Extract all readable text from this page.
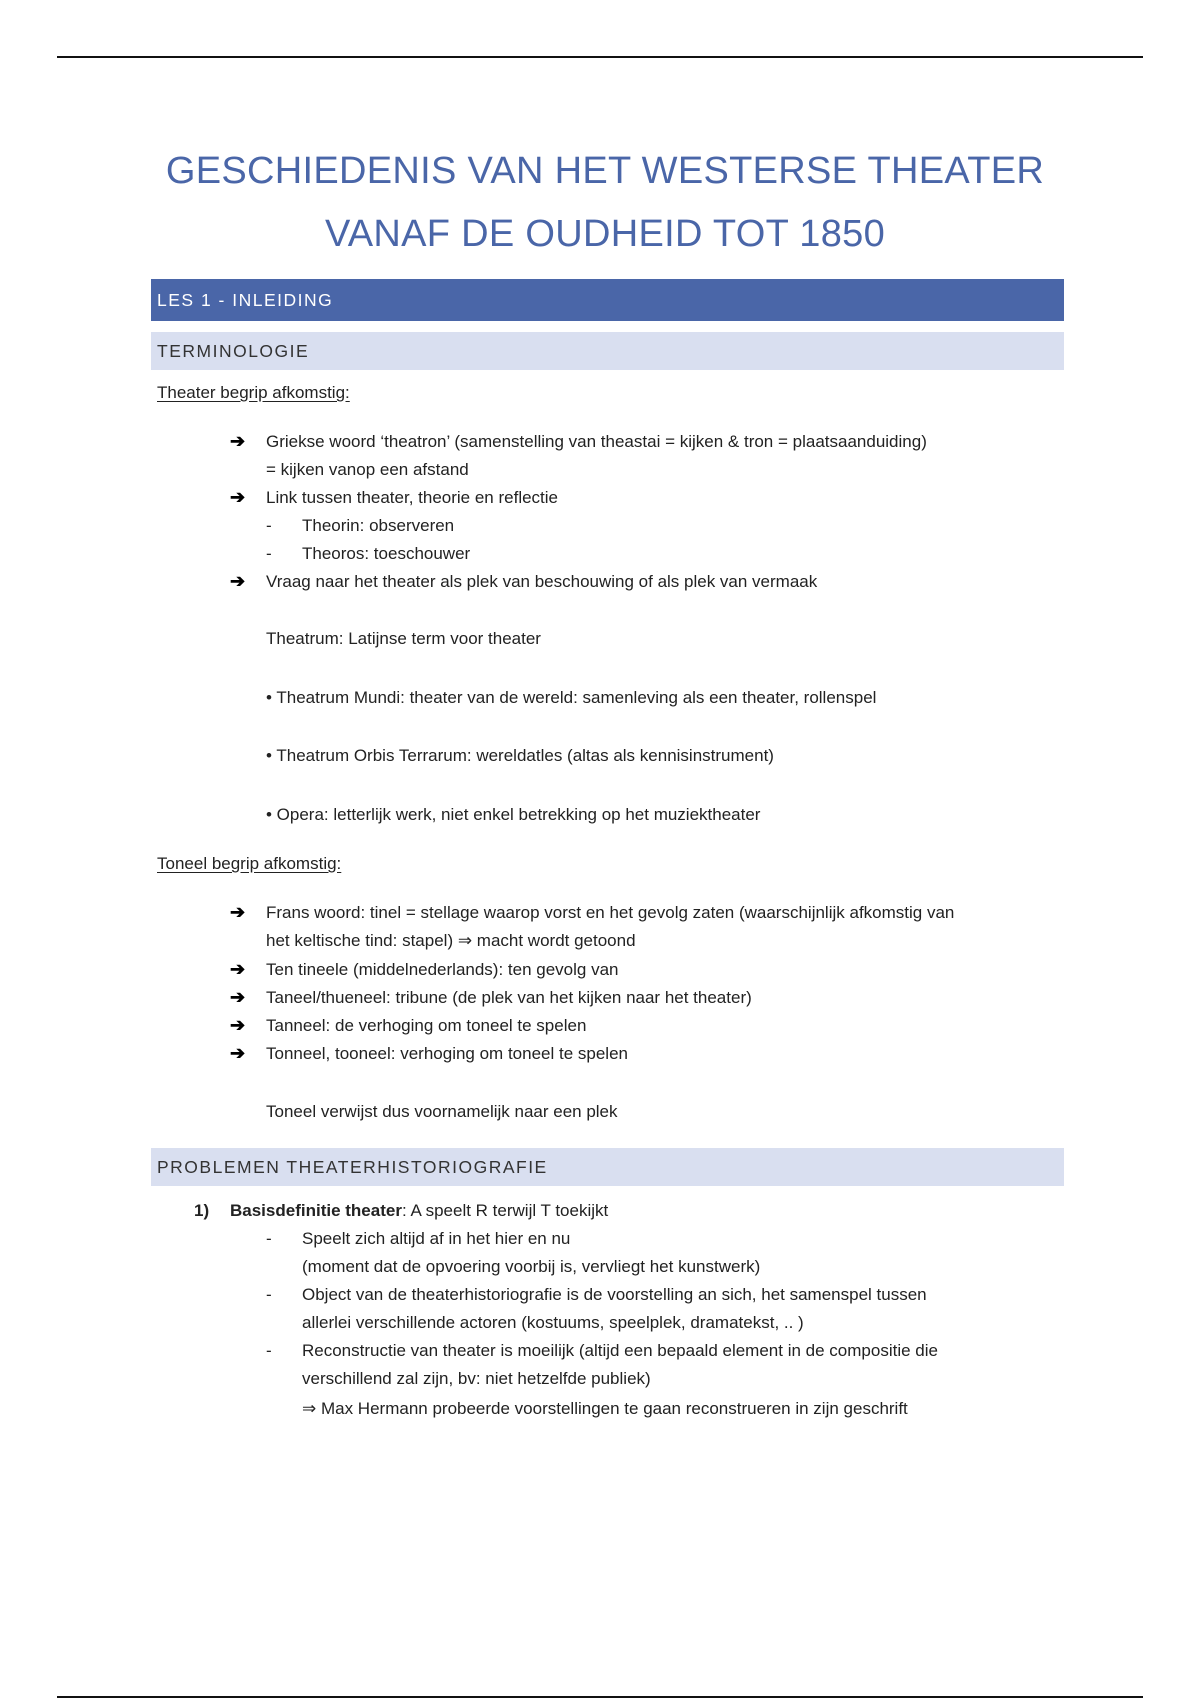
GESCHIEDENIS VAN HET WESTERSE THEATER
VANAF DE OUDHEID TOT 1850
LES 1 - INLEIDING
TERMINOLOGIE
Theater begrip afkomstig:
➔ Griekse woord ‘theatron’ (samenstelling van theastai = kijken & tron = plaatsaanduiding)
= kijken vanop een afstand
➔ Link tussen theater, theorie en reflectie
- Theorin: observeren
- Theoros: toeschouwer
➔ Vraag naar het theater als plek van beschouwing of als plek van vermaak
Theatrum: Latijnse term voor theater
• Theatrum Mundi: theater van de wereld: samenleving als een theater, rollenspel
• Theatrum Orbis Terrarum: wereldatles (altas als kennisinstrument)
• Opera: letterlijk werk, niet enkel betrekking op het muziektheater
Toneel begrip afkomstig:
➔ Frans woord: tinel = stellage waarop vorst en het gevolg zaten (waarschijnlijk afkomstig van
het keltische tind: stapel) ⇒ macht wordt getoond
➔ Ten tineele (middelnederlands): ten gevolg van
➔ Taneel/thueneel: tribune (de plek van het kijken naar het theater)
➔ Tanneel: de verhoging om toneel te spelen
➔ Tonneel, tooneel: verhoging om toneel te spelen
Toneel verwijst dus voornamelijk naar een plek
PROBLEMEN THEATERHISTORIOGRAFIE
1) Basisdefinitie theater: A speelt R terwijl T toekijkt
- Speelt zich altijd af in het hier en nu
(moment dat de opvoering voorbij is, vervliegt het kunstwerk)
- Object van de theaterhistoriografie is de voorstelling an sich, het samenspel tussen
allerlei verschillende actoren (kostuums, speelplek, dramatekst, .. )
- Reconstructie van theater is moeilijk (altijd een bepaald element in de compositie die
verschillend zal zijn, bv: niet hetzelfde publiek)
⇒ Max Hermann probeerde voorstellingen te gaan reconstrueren in zijn geschrift
